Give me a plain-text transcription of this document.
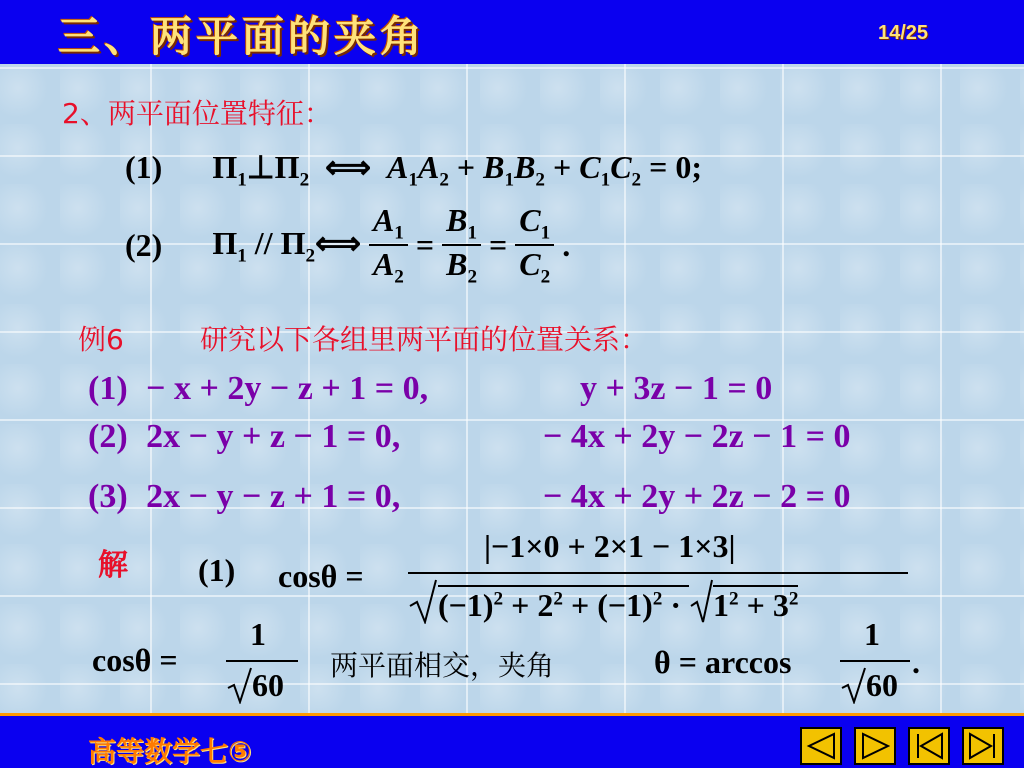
三、两平面的夹角	14/25
2、两平面位置特征：
(1) $\Pi_1\perp\Pi_2$ ⟺ $A_1A_2 + B_1B_2 + C_1C_2 = 0$;
(2) $\Pi_1$ // $\Pi_2⟺ \frac{A_1}{A_2} = \frac{B_1}{B_2} = \frac{C_1}{C_2}$ .
例6	研究以下各组里两平面的位置关系：
(1) − x + 2y − z + 1 = 0,	y + 3z − 1 = 0
(2) 2x − y + z − 1 = 0,	− 4x + 2y − 2z − 1 = 0
(3) 2x − y − z + 1 = 0,	− 4x + 2y + 2z − 2 = 0
解 (1) cosθ =
|−1×0 + 2×1 − 1×3|
$(-1)^2 + 2^2 + (-1)^2 \cdot 1^2 + 3^2$
cosθ =
1
60
两平面相交，夹角	θ = arccos
1
60
.
高等数学七⑤
